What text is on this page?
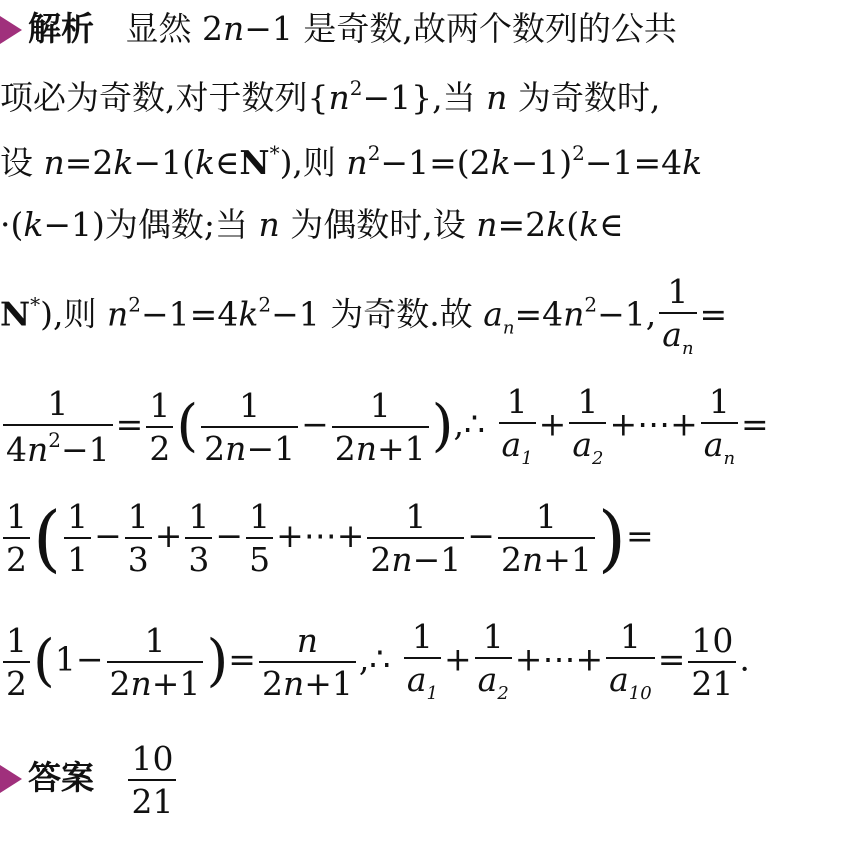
解析   显然 2n−1 是奇数,故两个数列的公共
项必为奇数,对于数列$\{n^2-1\}$,当 n 为奇数时,
设 n=2k−1(k∈N*),则 $n^2-1=(2k-1)^2-1=4k$
·(k−1)为偶数;当 n 为偶数时,设 n=2k(k∈
N*),则 $n^2-1=4k^2-1$ 为奇数.故 $a_n=4n^2-1$, $\frac{1}{a_n}$ =
$\frac{1}{4n^2-1} = \frac{1}{2}$ ( $\frac{1}{2n-1} - \frac{1}{2n+1}$ ),∴ $\frac{1}{a_1} + \frac{1}{a_2}$ +⋯+ $\frac{1}{a_n}$ =
$\frac{1}{2}$ ( $\frac{1}{1} - \frac{1}{3} + \frac{1}{3} - \frac{1}{5}$ +⋯+ $\frac{1}{2n-1} - \frac{1}{2n+1}$ )=
$\frac{1}{2} (1- \frac{1}{2n+1}$ )= $\frac{n}{2n+1}$ ,∴ $\frac{1}{a_1} + \frac{1}{a_2}$ +⋯+ $\frac{1}{a_{10}} = \frac{10}{21}$ .
答案 $\frac{10}{21}$
